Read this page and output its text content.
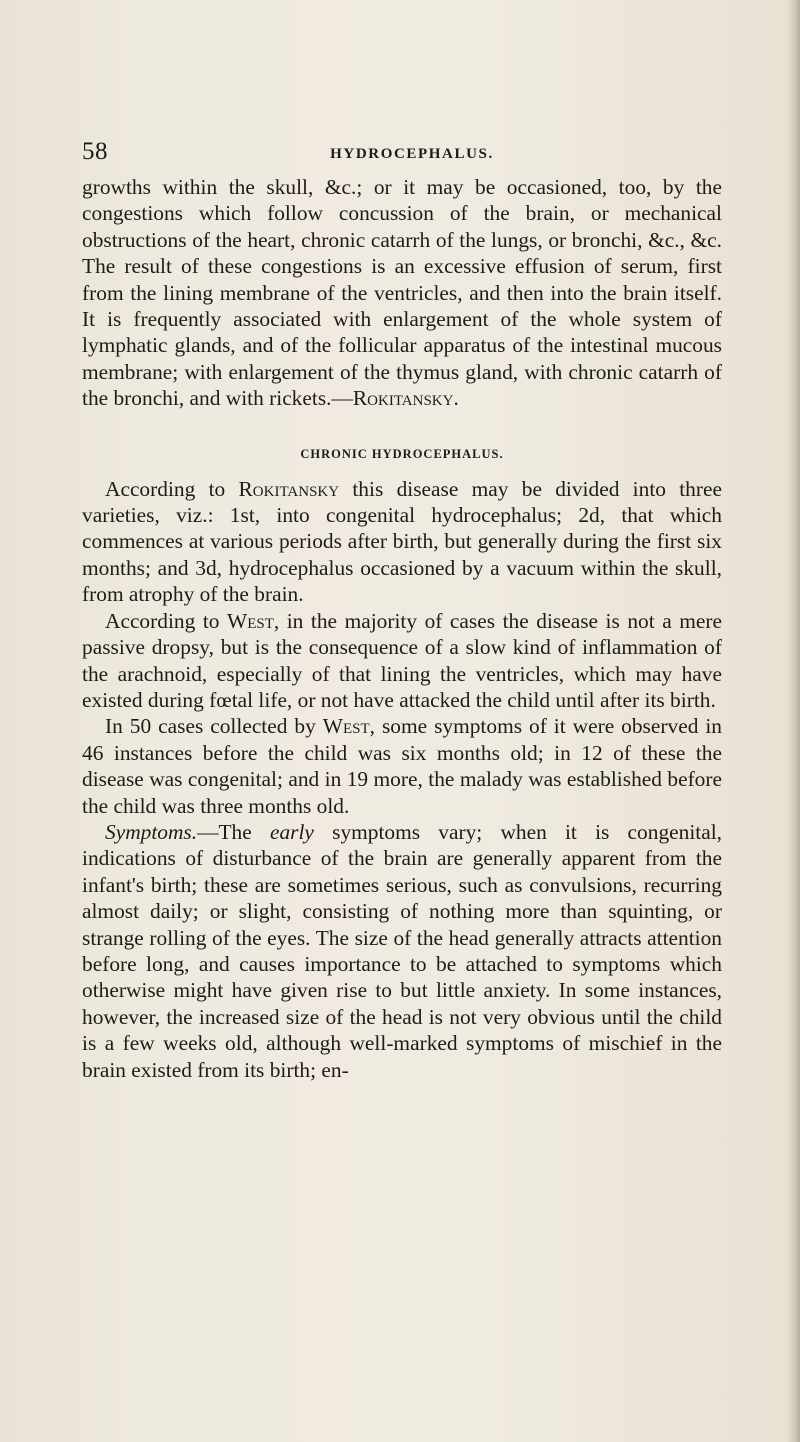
58	HYDROCEPHALUS.

growths within the skull, &c.; or it may be occasioned, too, by the congestions which follow concussion of the brain, or mechanical obstructions of the heart, chronic catarrh of the lungs, or bronchi, &c., &c. The result of these congestions is an excessive effusion of serum, first from the lining membrane of the ventricles, and then into the brain itself. It is frequently associated with enlargement of the whole system of lymphatic glands, and of the follicular apparatus of the intestinal mucous membrane; with enlargement of the thymus gland, with chronic catarrh of the bronchi, and with rickets.—Rokitansky.

CHRONIC HYDROCEPHALUS.

According to Rokitansky this disease may be divided into three varieties, viz.: 1st, into congenital hydrocephalus; 2d, that which commences at various periods after birth, but generally during the first six months; and 3d, hydrocephalus occasioned by a vacuum within the skull, from atrophy of the brain.

According to West, in the majority of cases the disease is not a mere passive dropsy, but is the consequence of a slow kind of inflammation of the arachnoid, especially of that lining the ventricles, which may have existed during fœtal life, or not have attacked the child until after its birth.

In 50 cases collected by West, some symptoms of it were observed in 46 instances before the child was six months old; in 12 of these the disease was congenital; and in 19 more, the malady was established before the child was three months old.

Symptoms.—The early symptoms vary; when it is congenital, indications of disturbance of the brain are generally apparent from the infant's birth; these are sometimes serious, such as convulsions, recurring almost daily; or slight, consisting of nothing more than squinting, or strange rolling of the eyes. The size of the head generally attracts attention before long, and causes importance to be attached to symptoms which otherwise might have given rise to but little anxiety. In some instances, however, the increased size of the head is not very obvious until the child is a few weeks old, although well-marked symptoms of mischief in the brain existed from its birth; en-
